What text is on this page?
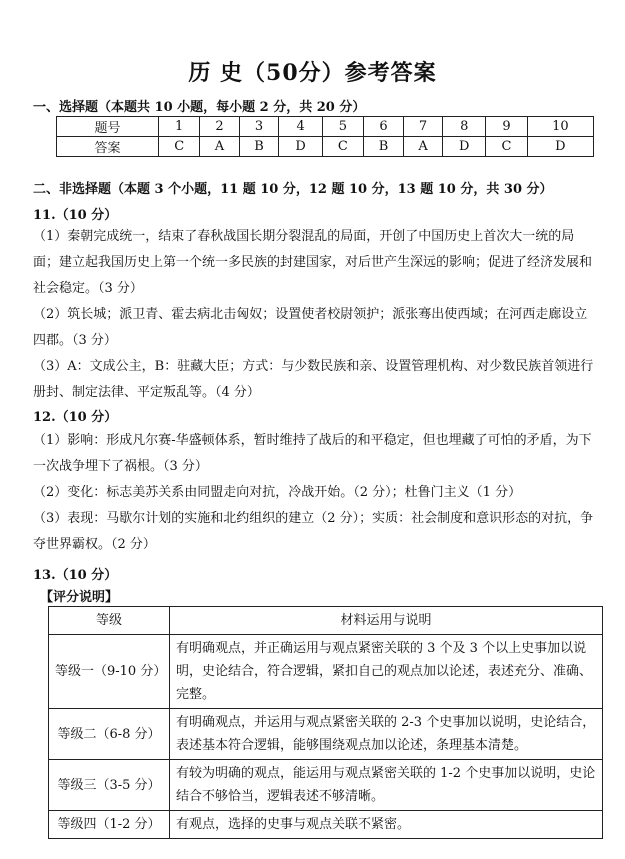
历 史（50分）参考答案
一、选择题（本题共 10 小题，每小题 2 分，共 20 分）
题号	1	2	3	4	5	6	7	8	9	10
答案	C	A	B	D	C	B	A	D	C	D
二、非选择题（本题 3 个小题，11 题 10 分，12 题 10 分，13 题 10 分，共 30 分）
11.（10 分）

（1）秦朝完成统一，结束了春秋战国长期分裂混乱的局面，开创了中国历史上首次大一统的局面；建立起我国历史上第一个统一多民族的封建国家，对后世产生深远的影响；促进了经济发展和社会稳定。（3 分）

（2）筑长城；派卫青、霍去病北击匈奴；设置使者校尉领护；派张骞出使西域；在河西走廊设立四郡。（3 分）

（3）A：文成公主，B：驻藏大臣；方式：与少数民族和亲、设置管理机构、对少数民族首领进行册封、制定法律、平定叛乱等。（4 分）

12.（10 分）

（1）影响：形成凡尔赛-华盛顿体系，暂时维持了战后的和平稳定，但也埋藏了可怕的矛盾，为下一次战争埋下了祸根。（3 分）

（2）变化：标志美苏关系由同盟走向对抗，冷战开始。（2 分）；杜鲁门主义（1 分）

（3）表现：马歇尔计划的实施和北约组织的建立（2 分）；实质：社会制度和意识形态的对抗，争夺世界霸权。（2 分）

13.（10 分）
【评分说明】
等级	材料运用与说明
等级一（9-10 分）	有明确观点，并正确运用与观点紧密关联的 3 个及 3 个以上史事加以说明，史论结合，符合逻辑，紧扣自己的观点加以论述，表述充分、准确、完整。
等级二（6-8 分）	有明确观点，并运用与观点紧密关联的 2-3 个史事加以说明，史论结合，表述基本符合逻辑，能够围绕观点加以论述，条理基本清楚。
等级三（3-5 分）	有较为明确的观点，能运用与观点紧密关联的 1-2 个史事加以说明，史论结合不够恰当，逻辑表述不够清晰。
等级四（1-2 分）	有观点，选择的史事与观点关联不紧密。
